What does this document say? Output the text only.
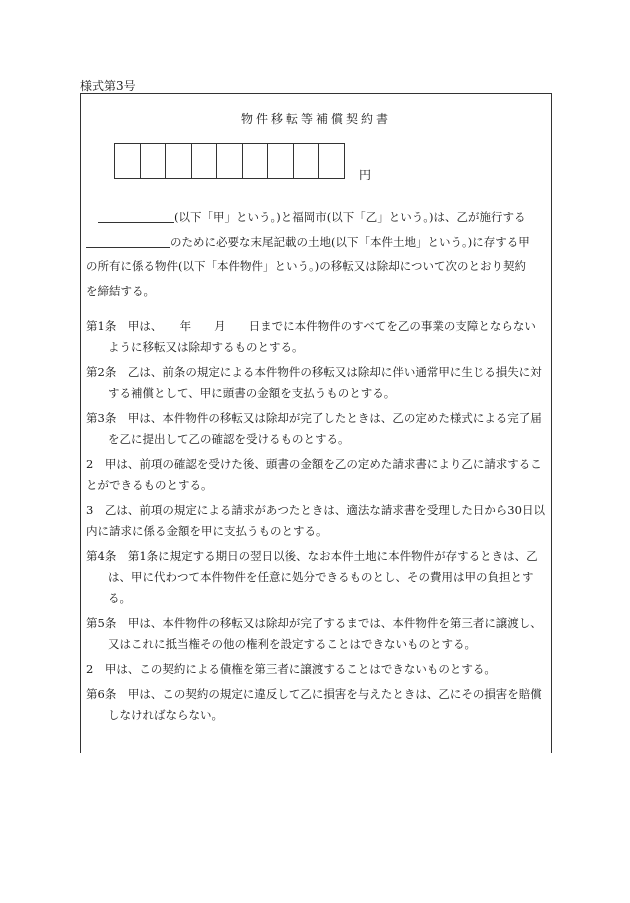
様式第3号
物件移転等補償契約書
円
(以下「甲」という。)と福岡市(以下「乙」という。)は、乙が施行する
のために必要な末尾記載の土地(以下「本件土地」という。)に存する甲
の所有に係る物件(以下「本件物件」という。)の移転又は除却について次のとおり契約
を締結する。
第1条　甲は、　　年　　月　　日までに本件物件のすべてを乙の事業の支障とならない
ように移転又は除却するものとする。
第2条　乙は、前条の規定による本件物件の移転又は除却に伴い通常甲に生じる損失に対
する補償として、甲に頭書の金額を支払うものとする。
第3条　甲は、本件物件の移転又は除却が完了したときは、乙の定めた様式による完了届
を乙に提出して乙の確認を受けるものとする。
2　甲は、前項の確認を受けた後、頭書の金額を乙の定めた請求書により乙に請求するこ
とができるものとする。
3　乙は、前項の規定による請求があつたときは、適法な請求書を受理した日から30日以
内に請求に係る金額を甲に支払うものとする。
第4条　第1条に規定する期日の翌日以後、なお本件土地に本件物件が存するときは、乙
は、甲に代わつて本件物件を任意に処分できるものとし、その費用は甲の負担とす
る。
第5条　甲は、本件物件の移転又は除却が完了するまでは、本件物件を第三者に譲渡し、
又はこれに抵当権その他の権利を設定することはできないものとする。
2　甲は、この契約による債権を第三者に譲渡することはできないものとする。
第6条　甲は、この契約の規定に違反して乙に損害を与えたときは、乙にその損害を賠償
しなければならない。
